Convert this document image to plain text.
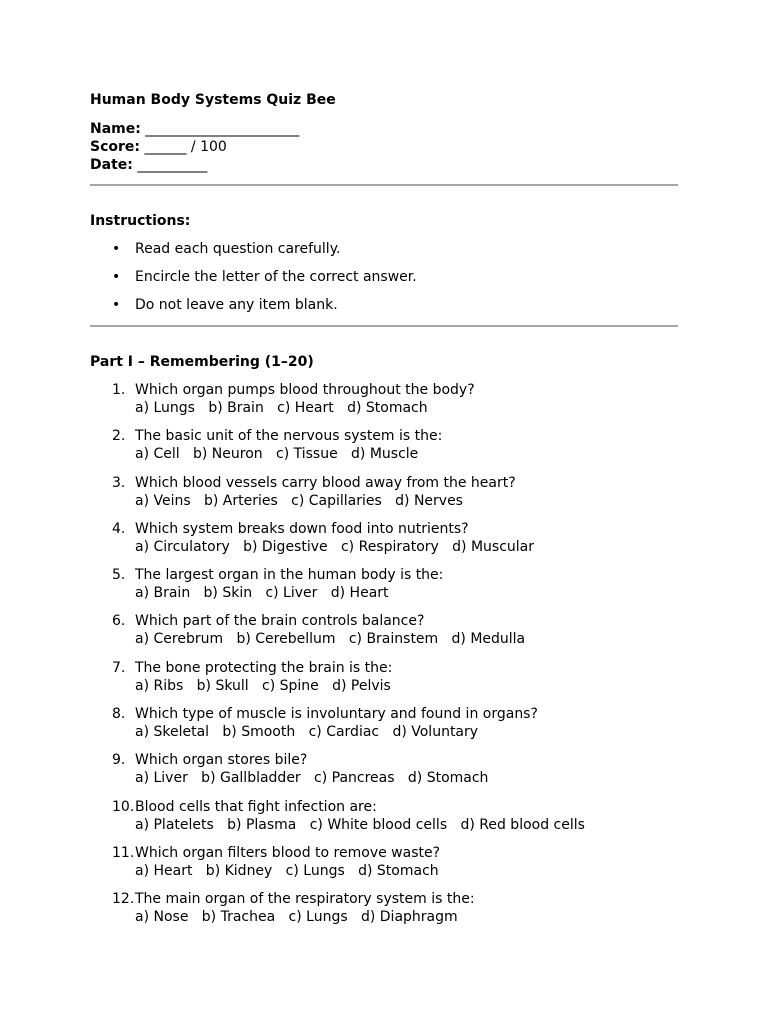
Human Body Systems Quiz Bee
Name: ______________________
Score: ______ / 100
Date: __________
Instructions:
• Read each question carefully.
• Encircle the letter of the correct answer.
• Do not leave any item blank.
Part I – Remembering (1–20)
1. Which organ pumps blood throughout the body?
a) Lungs   b) Brain   c) Heart   d) Stomach
2. The basic unit of the nervous system is the:
a) Cell   b) Neuron   c) Tissue   d) Muscle
3. Which blood vessels carry blood away from the heart?
a) Veins   b) Arteries   c) Capillaries   d) Nerves
4. Which system breaks down food into nutrients?
a) Circulatory   b) Digestive   c) Respiratory   d) Muscular
5. The largest organ in the human body is the:
a) Brain   b) Skin   c) Liver   d) Heart
6. Which part of the brain controls balance?
a) Cerebrum   b) Cerebellum   c) Brainstem   d) Medulla
7. The bone protecting the brain is the:
a) Ribs   b) Skull   c) Spine   d) Pelvis
8. Which type of muscle is involuntary and found in organs?
a) Skeletal   b) Smooth   c) Cardiac   d) Voluntary
9. Which organ stores bile?
a) Liver   b) Gallbladder   c) Pancreas   d) Stomach
10. Blood cells that fight infection are:
a) Platelets   b) Plasma   c) White blood cells   d) Red blood cells
11. Which organ filters blood to remove waste?
a) Heart   b) Kidney   c) Lungs   d) Stomach
12. The main organ of the respiratory system is the:
a) Nose   b) Trachea   c) Lungs   d) Diaphragm
